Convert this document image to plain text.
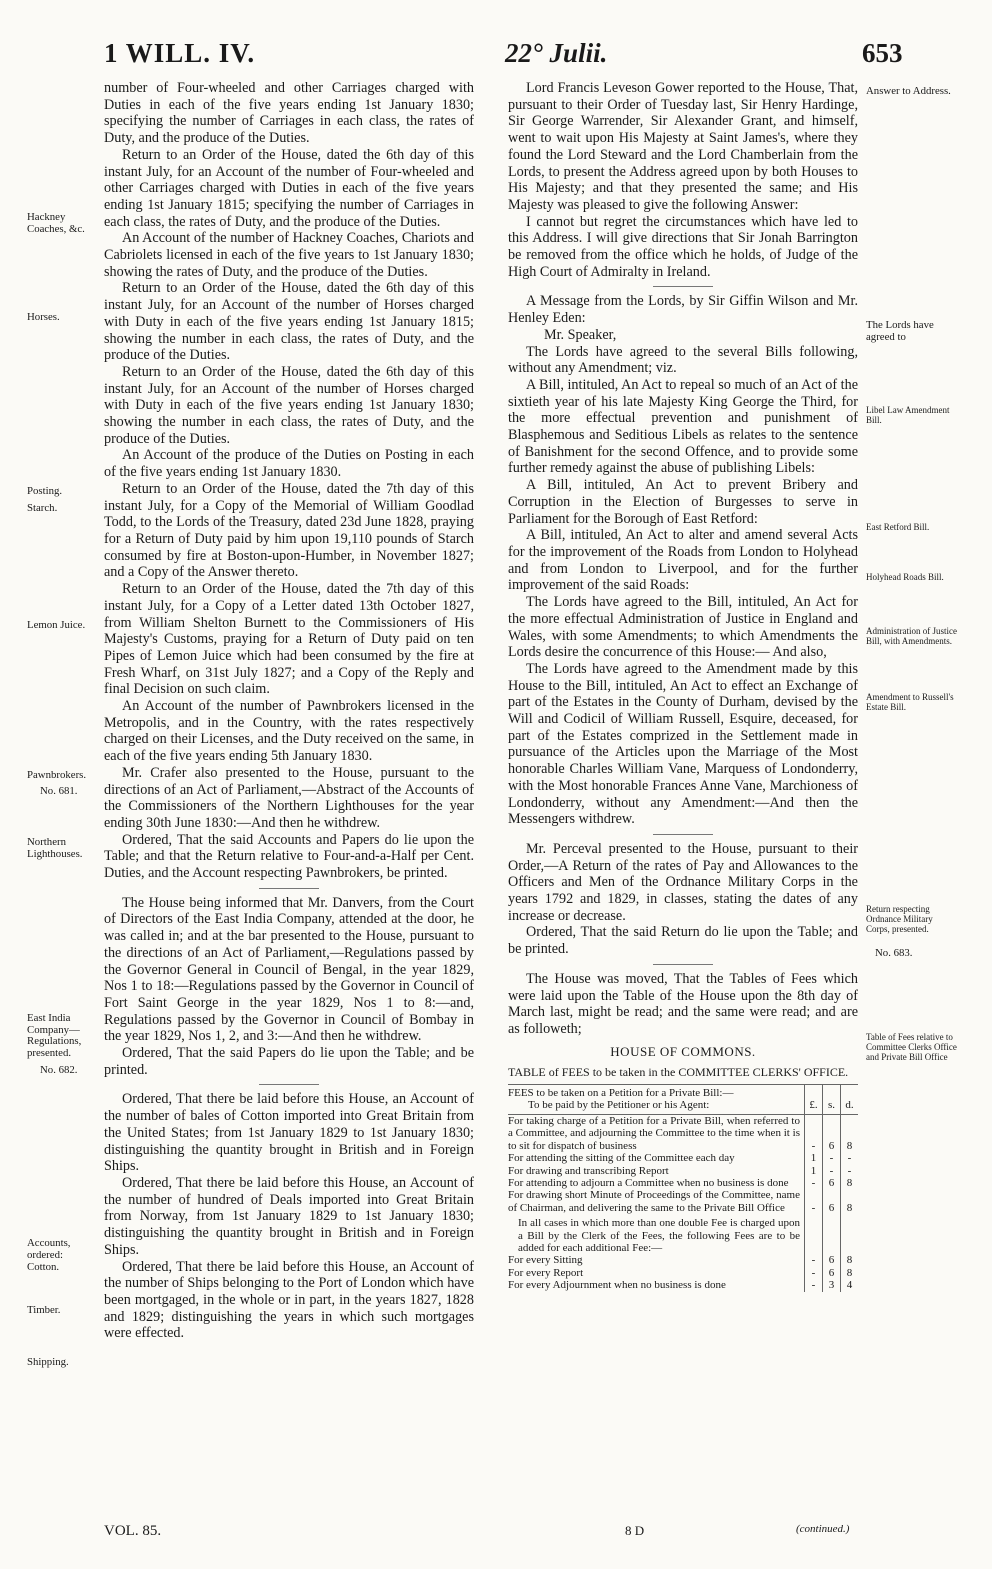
1 WILL. IV.	22° Julii.	653

number of Four-wheeled and other Carriages charged with Duties in each of the five years ending 1st January 1830; specifying the number of Carriages in each class, the rates of Duty, and the produce of the Duties.

Return to an Order of the House, dated the 6th day of this instant July, for an Account of the number of Four-wheeled and other Carriages charged with Duties in each of the five years ending 1st January 1815; specifying the number of Carriages in each class, the rates of Duty, and the produce of the Duties.

An Account of the number of Hackney Coaches, Chariots and Cabriolets licensed in each of the five years to 1st January 1830; showing the rates of Duty, and the produce of the Duties.

Return to an Order of the House, dated the 6th day of this instant July, for an Account of the number of Horses charged with Duty in each of the five years ending 1st January 1815; showing the number in each class, the rates of Duty, and the produce of the Duties.

Return to an Order of the House, dated the 6th day of this instant July, for an Account of the number of Horses charged with Duty in each of the five years ending 1st January 1830; showing the number in each class, the rates of Duty, and the produce of the Duties.

An Account of the produce of the Duties on Posting in each of the five years ending 1st January 1830.

Return to an Order of the House, dated the 7th day of this instant July, for a Copy of the Memorial of William Goodlad Todd, to the Lords of the Treasury, dated 23d June 1828, praying for a Return of Duty paid by him upon 19,110 pounds of Starch consumed by fire at Boston-upon-Humber, in November 1827; and a Copy of the Answer thereto.

Return to an Order of the House, dated the 7th day of this instant July, for a Copy of a Letter dated 13th October 1827, from William Shelton Burnett to the Commissioners of His Majesty's Customs, praying for a Return of Duty paid on ten Pipes of Lemon Juice which had been consumed by the fire at Fresh Wharf, on 31st July 1827; and a Copy of the Reply and final Decision on such claim.

An Account of the number of Pawnbrokers licensed in the Metropolis, and in the Country, with the rates respectively charged on their Licenses, and the Duty received on the same, in each of the five years ending 5th January 1830.

Mr. Crafer also presented to the House, pursuant to the directions of an Act of Parliament,—Abstract of the Accounts of the Commissioners of the Northern Lighthouses for the year ending 30th June 1830:—And then he withdrew.

Ordered, That the said Accounts and Papers do lie upon the Table; and that the Return relative to Four-and-a-Half per Cent. Duties, and the Account respecting Pawnbrokers, be printed.

The House being informed that Mr. Danvers, from the Court of Directors of the East India Company, attended at the door, he was called in; and at the bar presented to the House, pursuant to the directions of an Act of Parliament,—Regulations passed by the Governor General in Council of Bengal, in the year 1829, Nos 1 to 18:—Regulations passed by the Governor in Council of Fort Saint George in the year 1829, Nos 1 to 8:—and, Regulations passed by the Governor in Council of Bombay in the year 1829, Nos 1, 2, and 3:—And then he withdrew.

Ordered, That the said Papers do lie upon the Table; and be printed.

Ordered, That there be laid before this House, an Account of the number of bales of Cotton imported into Great Britain from the United States; from 1st January 1829 to 1st January 1830; distinguishing the quantity brought in British and in Foreign Ships.

Ordered, That there be laid before this House, an Account of the number of hundred of Deals imported into Great Britain from Norway, from 1st January 1829 to 1st January 1830; distinguishing the quantity brought in British and in Foreign Ships.

Ordered, That there be laid before this House, an Account of the number of Ships belonging to the Port of London which have been mortgaged, in the whole or in part, in the years 1827, 1828 and 1829; distinguishing the years in which such mortgages were effected.

Hackney Coaches, &c.
Horses.
Posting.
Starch.
Lemon Juice.
Pawnbrokers.
No. 681.
Northern Lighthouses.
East India Company— Regulations, presented.
No. 682.
Accounts, ordered:
Cotton.
Timber.
Shipping.

Lord Francis Leveson Gower reported to the House, That, pursuant to their Order of Tuesday last, Sir Henry Hardinge, Sir George Warrender, Sir Alexander Grant, and himself, went to wait upon His Majesty at Saint James's, where they found the Lord Steward and the Lord Chamberlain from the Lords, to present the Address agreed upon by both Houses to His Majesty; and that they presented the same; and His Majesty was pleased to give the following Answer:

I cannot but regret the circumstances which have led to this Address. I will give directions that Sir Jonah Barrington be removed from the office which he holds, of Judge of the High Court of Admiralty in Ireland.

A Message from the Lords, by Sir Giffin Wilson and Mr. Henley Eden:

Mr. Speaker,

The Lords have agreed to the several Bills following, without any Amendment; viz.

A Bill, intituled, An Act to repeal so much of an Act of the sixtieth year of his late Majesty King George the Third, for the more effectual prevention and punishment of Blasphemous and Seditious Libels as relates to the sentence of Banishment for the second Offence, and to provide some further remedy against the abuse of publishing Libels:

A Bill, intituled, An Act to prevent Bribery and Corruption in the Election of Burgesses to serve in Parliament for the Borough of East Retford:

A Bill, intituled, An Act to alter and amend several Acts for the improvement of the Roads from London to Holyhead and from London to Liverpool, and for the further improvement of the said Roads:

The Lords have agreed to the Bill, intituled, An Act for the more effectual Administration of Justice in England and Wales, with some Amendments; to which Amendments the Lords desire the concurrence of this House:— And also,

The Lords have agreed to the Amendment made by this House to the Bill, intituled, An Act to effect an Exchange of part of the Estates in the County of Durham, devised by the Will and Codicil of William Russell, Esquire, deceased, for part of the Estates comprized in the Settlement made in pursuance of the Articles upon the Marriage of the Most honorable Charles William Vane, Marquess of Londonderry, with the Most honorable Frances Anne Vane, Marchioness of Londonderry, without any Amendment:—And then the Messengers withdrew.

Mr. Perceval presented to the House, pursuant to their Order,—A Return of the rates of Pay and Allowances to the Officers and Men of the Ordnance Military Corps in the years 1792 and 1829, in classes, stating the dates of any increase or decrease.

Ordered, That the said Return do lie upon the Table; and be printed.

The House was moved, That the Tables of Fees which were laid upon the Table of the House upon the 8th day of March last, might be read; and the same were read; and are as followeth;

HOUSE OF COMMONS.
TABLE of FEES to be taken in the COMMITTEE CLERKS' OFFICE.
FEES to be taken on a Petition for a Private Bill:—
To be paid by the Petitioner or his Agent:	£.	s.	d.
For taking charge of a Petition for a Private Bill, when referred to a Committee, and adjourning the Committee to the time when it is to sit for dispatch of business	-	6	8
For attending the sitting of the Committee each day	1	-	-
For drawing and transcribing Report	1	-	-
For attending to adjourn a Committee when no business is done	-	6	8
For drawing short Minute of Proceedings of the Committee, name of Chairman, and delivering the same to the Private Bill Office	-	6	8
In all cases in which more than one double Fee is charged upon a Bill by the Clerk of the Fees, the following Fees are to be added for each additional Fee:—			
For every Sitting	-	6	8
For every Report	-	6	8
For every Adjournment when no business is done	-	3	4
Answer to Address.
The Lords have agreed to
Libel Law Amendment Bill.
East Retford Bill.
Holyhead Roads Bill.
Administration of Justice Bill, with Amendments.
Amendment to Russell's Estate Bill.
Return respecting Ordnance Military Corps, presented.
No. 683.
Table of Fees relative to Committee Clerks Office and Private Bill Office
VOL. 85.	8 D	(continued.)
